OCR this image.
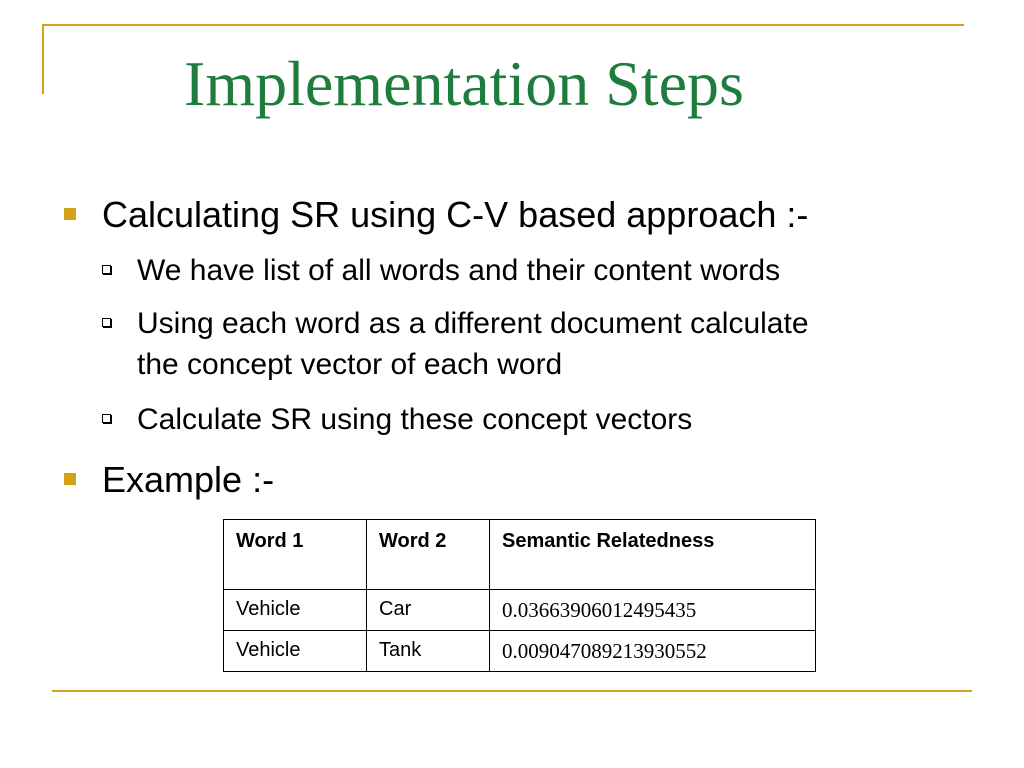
Implementation Steps
Calculating SR using C-V based approach :-
We have list of all words and their content words
Using each word as a different document calculate the concept vector of each word
Calculate SR using these concept vectors
Example :-
Word 1	Word 2	Semantic Relatedness
Vehicle	Car	0.03663906012495435
Vehicle	Tank	0.009047089213930552
